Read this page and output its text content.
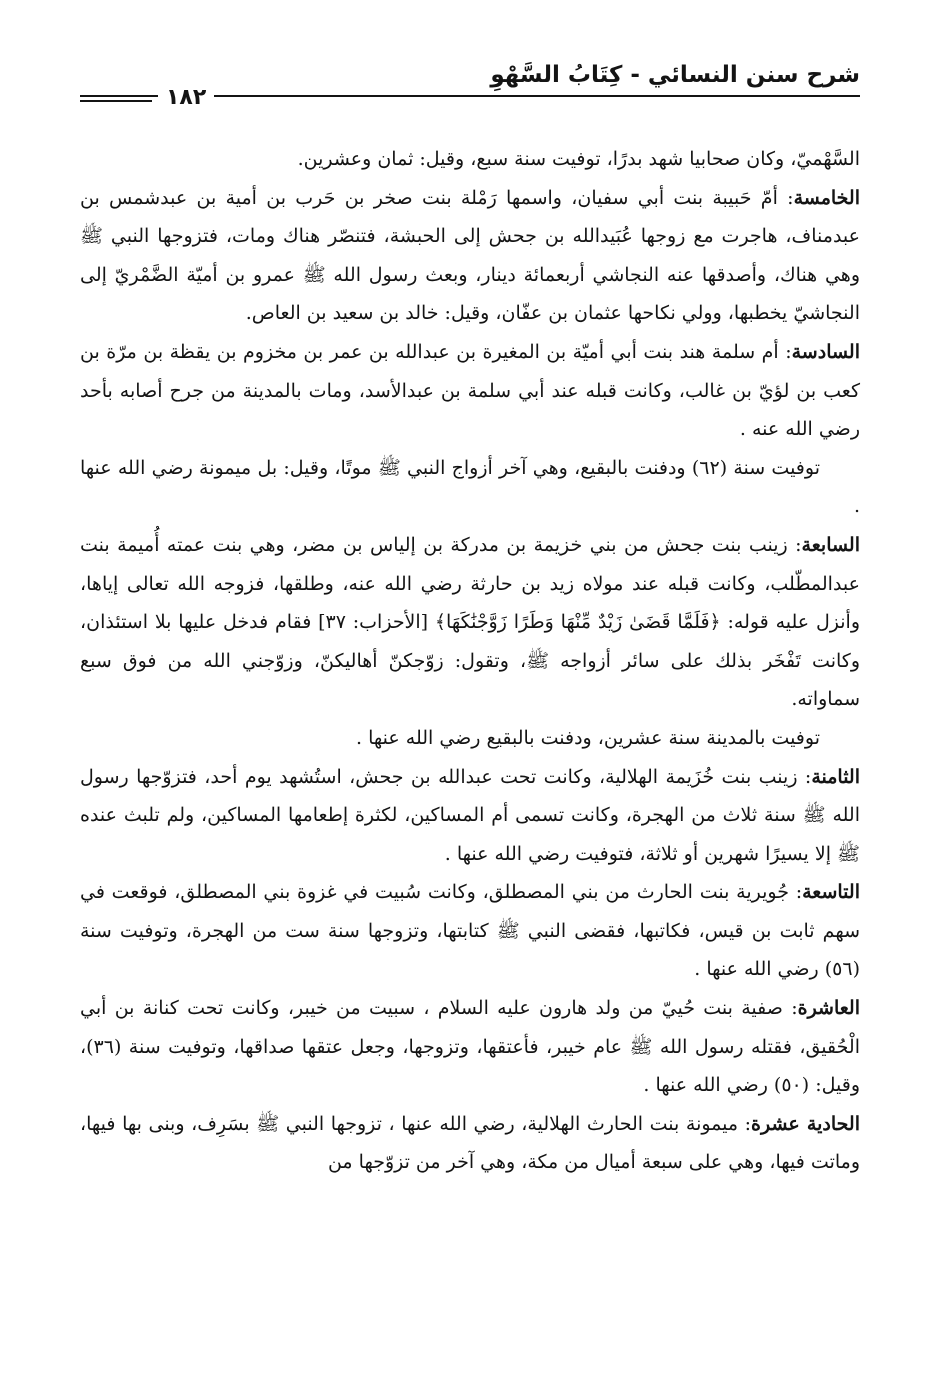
شرح سنن النسائي - كِتَابُ السَّهْوِ
١٨٢

السَّهْميّ، وكان صحابيا شهد بدرًا، توفيت سنة سبع، وقيل: ثمان وعشرين.

الخامسة: أمّ حَبيبة بنت أبي سفيان، واسمها رَمْلة بنت صخر بن حَرب بن أمية بن عبدشمس بن عبدمناف، هاجرت مع زوجها عُبَيدالله بن جحش إلى الحبشة، فتنصّر هناك ومات، فتزوجها النبي ﷺ وهي هناك، وأصدقها عنه النجاشي أربعمائة دينار، وبعث رسول الله ﷺ عمرو بن أميّة الضَّمْريّ إلى النجاشيّ يخطبها، وولي نكاحها عثمان بن عفّان، وقيل: خالد بن سعيد بن العاص.

السادسة: أم سلمة هند بنت أبي أميّة بن المغيرة بن عبدالله بن عمر بن مخزوم بن يقظة بن مرّة بن كعب بن لؤيّ بن غالب، وكانت قبله عند أبي سلمة بن عبدالأسد، ومات بالمدينة من جرح أصابه بأحد رضي الله عنه .

توفيت سنة (٦٢) ودفنت بالبقيع، وهي آخر أزواج النبي ﷺ موتًا، وقيل: بل ميمونة رضي الله عنها .

السابعة: زينب بنت جحش من بني خزيمة بن مدركة بن إلياس بن مضر، وهي بنت عمته أُميمة بنت عبدالمطّلب، وكانت قبله عند مولاه زيد بن حارثة رضي الله عنه، وطلقها، فزوجه الله تعالى إياها، وأنزل عليه قوله: ﴿فَلَمَّا قَضَىٰ زَيْدٌ مِّنْهَا وَطَرًا زَوَّجْنَٰكَهَا﴾ [الأحزاب: ٣٧] فقام فدخل عليها بلا استئذان، وكانت تَفْخَر بذلك على سائر أزواجه ﷺ، وتقول: زوّجكنّ أهاليكنّ، وزوّجني الله من فوق سبع سماواته.

توفيت بالمدينة سنة عشرين، ودفنت بالبقيع رضي الله عنها .

الثامنة: زينب بنت خُزَيمة الهلالية، وكانت تحت عبدالله بن جحش، استُشهد يوم أحد، فتزوّجها رسول الله ﷺ سنة ثلاث من الهجرة، وكانت تسمى أم المساكين، لكثرة إطعامها المساكين، ولم تلبث عنده ﷺ إلا يسيرًا شهرين أو ثلاثة، فتوفيت رضي الله عنها .

التاسعة: جُويرية بنت الحارث من بني المصطلق، وكانت سُبيت في غزوة بني المصطلق، فوقعت في سهم ثابت بن قيس، فكاتبها، فقضى النبي ﷺ كتابتها، وتزوجها سنة ست من الهجرة، وتوفيت سنة (٥٦) رضي الله عنها .

العاشرة: صفية بنت حُييّ من ولد هارون عليه السلام ، سبيت من خيبر، وكانت تحت كنانة بن أبي الْحُقيق، فقتله رسول الله ﷺ عام خيبر، فأعتقها، وتزوجها، وجعل عتقها صداقها، وتوفيت سنة (٣٦)، وقيل: (٥٠) رضي الله عنها .

الحادية عشرة: ميمونة بنت الحارث الهلالية، رضي الله عنها ، تزوجها النبي ﷺ بسَرِف، وبنى بها فيها، وماتت فيها، وهي على سبعة أميال من مكة، وهي آخر من تزوّجها من
